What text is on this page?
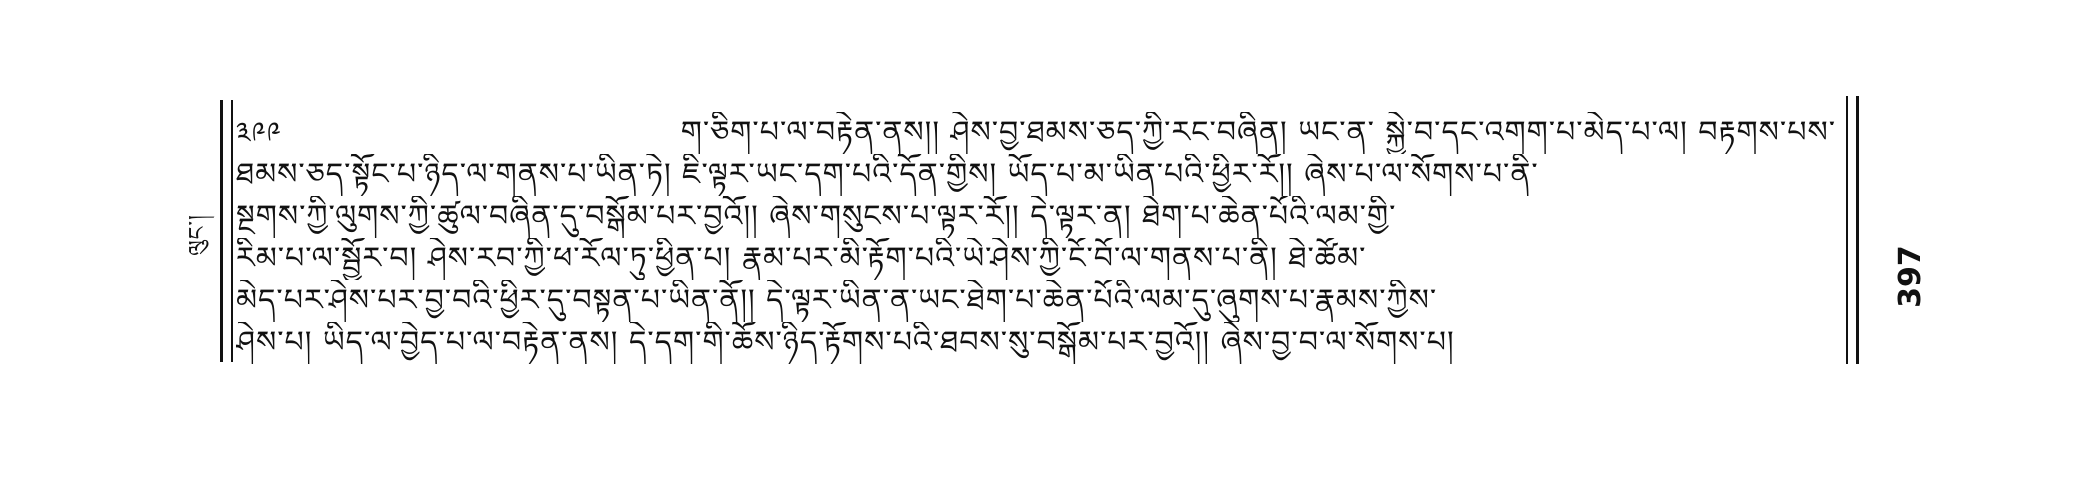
ལུང་།
༣༩༩	ག་ཅིག་པ་ལ་བརྟེན་ནས།། ཤེས་བྱ་ཐམས་ཅད་ཀྱི་རང་བཞིན། ཡང་ན་ སྐྱེ་བ་དང་འགག་པ་མེད་པ་ལ། བརྟགས་པས་
ཐམས་ཅད་སྟོང་པ་ཉིད་ལ་གནས་པ་ཡིན་ཏེ། ཇི་ལྟར་ཡང་དག་པའི་དོན་གྱིས། ཡོད་པ་མ་ཡིན་པའི་ཕྱིར་རོ།། ཞེས་པ་ལ་སོགས་པ་ནི་
སྔགས་ཀྱི་ལུགས་ཀྱི་ཚུལ་བཞིན་དུ་བསྒོམ་པར་བྱའོ།། ཞེས་གསུངས་པ་ལྟར་རོ།། དེ་ལྟར་ན། ཐེག་པ་ཆེན་པོའི་ལམ་གྱི་
རིམ་པ་ལ་སྦྱོར་བ། ཤེས་རབ་ཀྱི་ཕ་རོལ་ཏུ་ཕྱིན་པ། རྣམ་པར་མི་རྟོག་པའི་ཡེ་ཤེས་ཀྱི་ངོ་བོ་ལ་གནས་པ་ནི། ཐེ་ཚོམ་
མེད་པར་ཤེས་པར་བྱ་བའི་ཕྱིར་དུ་བསྟན་པ་ཡིན་ནོ།། དེ་ལྟར་ཡིན་ན་ཡང་ཐེག་པ་ཆེན་པོའི་ལམ་དུ་ཞུགས་པ་རྣམས་ཀྱིས་
ཤེས་པ། ཡིད་ལ་བྱེད་པ་ལ་བརྟེན་ནས། དེ་དག་གི་ཆོས་ཉིད་རྟོགས་པའི་ཐབས་སུ་བསྒོམ་པར་བྱའོ།། ཞེས་བྱ་བ་ལ་སོགས་པ།
397
